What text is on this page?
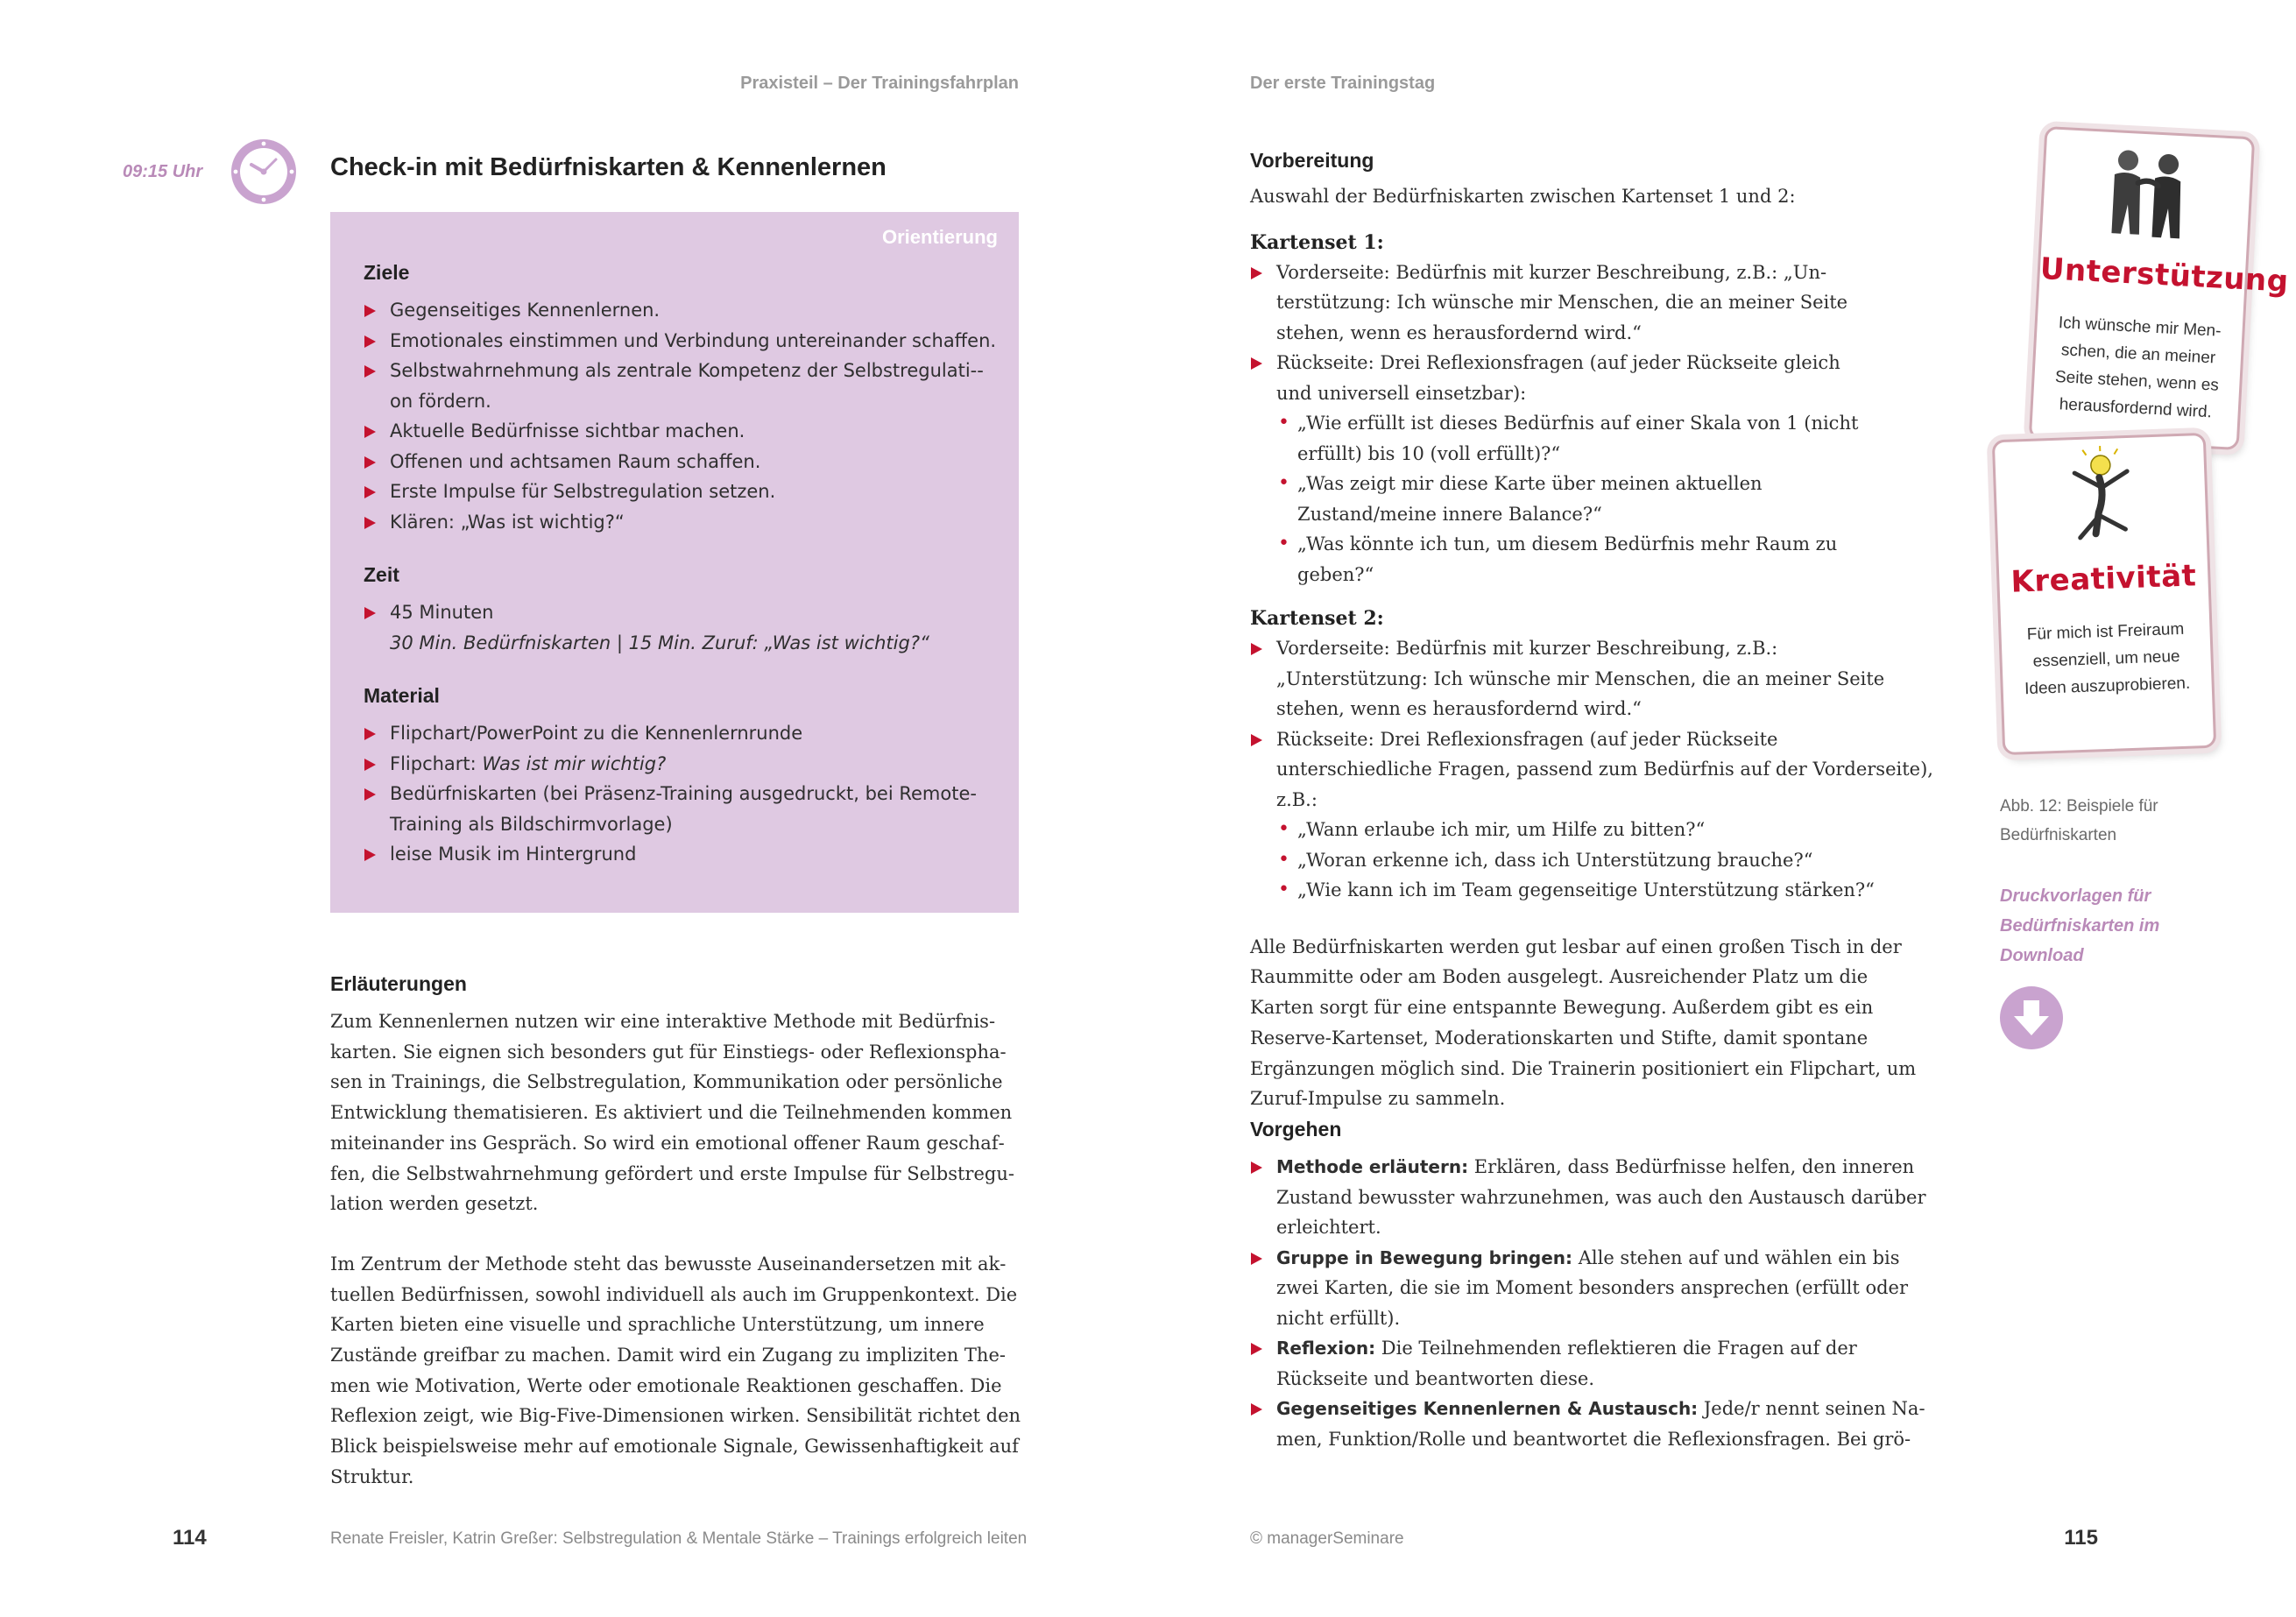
Praxisteil – Der Trainingsfahrplan
09:15 Uhr	Check-in mit Bedürfniskarten & Kennenlernen
Orientierung
Ziele
Gegenseitiges Kennenlernen.
Emotionales einstimmen und Verbindung untereinander schaffen.
Selbstwahrnehmung als zentrale Kompetenz der Selbstregulati-on fördern.
Aktuelle Bedürfnisse sichtbar machen.
Offenen und achtsamen Raum schaffen.
Erste Impulse für Selbstregulation setzen.
Klären: „Was ist wichtig?“
Zeit
45 Minuten
30 Min. Bedürfniskarten | 15 Min. Zuruf: „Was ist wichtig?“
Material
Flipchart/PowerPoint zu die Kennenlernrunde
Flipchart: Was ist mir wichtig?
Bedürfniskarten (bei Präsenz-Training ausgedruckt, bei Remote-Training als Bildschirmvorlage)
leise Musik im Hintergrund
Erläuterungen

Zum Kennenlernen nutzen wir eine interaktive Methode mit Bedürfniskarten. Sie eignen sich besonders gut für Einstiegs- oder Reflexionsphasen in Trainings, die Selbstregulation, Kommunikation oder persönliche Entwicklung thematisieren. Es aktiviert und die Teilnehmenden kommen miteinander ins Gespräch. So wird ein emotional offener Raum geschaffen, die Selbstwahrnehmung gefördert und erste Impulse für Selbstregulation werden gesetzt.

Im Zentrum der Methode steht das bewusste Auseinandersetzen mit aktuellen Bedürfnissen, sowohl individuell als auch im Gruppenkontext. Die Karten bieten eine visuelle und sprachliche Unterstützung, um innere Zustände greifbar zu machen. Damit wird ein Zugang zu impliziten Themen wie Motivation, Werte oder emotionale Reaktionen geschaffen. Die Reflexion zeigt, wie Big-Five-Dimensionen wirken. Sensibilität richtet den Blick beispielsweise mehr auf emotionale Signale, Gewissenhaftigkeit auf Struktur.

114	Renate Freisler, Katrin Greßer: Selbstregulation & Mentale Stärke – Trainings erfolgreich leiten
Der erste Trainingstag
Vorbereitung
Auswahl der Bedürfniskarten zwischen Kartenset 1 und 2:
Kartenset 1:
Vorderseite: Bedürfnis mit kurzer Beschreibung, z.B.: „Unterstützung: Ich wünsche mir Menschen, die an meiner Seite stehen, wenn es herausfordernd wird.“
Rückseite: Drei Reflexionsfragen (auf jeder Rückseite gleich und universell einsetzbar):
• „Wie erfüllt ist dieses Bedürfnis auf einer Skala von 1 (nicht erfüllt) bis 10 (voll erfüllt)?“
• „Was zeigt mir diese Karte über meinen aktuellen Zustand/meine innere Balance?“
• „Was könnte ich tun, um diesem Bedürfnis mehr Raum zu geben?“
Kartenset 2:
Vorderseite: Bedürfnis mit kurzer Beschreibung, z.B.: „Unterstützung: Ich wünsche mir Menschen, die an meiner Seite stehen, wenn es herausfordernd wird.“
Rückseite: Drei Reflexionsfragen (auf jeder Rückseite unterschiedliche Fragen, passend zum Bedürfnis auf der Vorderseite), z.B.:
• „Wann erlaube ich mir, um Hilfe zu bitten?“
• „Woran erkenne ich, dass ich Unterstützung brauche?“
• „Wie kann ich im Team gegenseitige Unterstützung stärken?“
Alle Bedürfniskarten werden gut lesbar auf einen großen Tisch in der Raummitte oder am Boden ausgelegt. Ausreichender Platz um die Karten sorgt für eine entspannte Bewegung. Außerdem gibt es ein Reserve-Kartenset, Moderationskarten und Stifte, damit spontane Ergänzungen möglich sind. Die Trainerin positioniert ein Flipchart, um Zuruf-Impulse zu sammeln.
Vorgehen
Methode erläutern: Erklären, dass Bedürfnisse helfen, den inneren Zustand bewusster wahrzunehmen, was auch den Austausch darüber erleichtert.
Gruppe in Bewegung bringen: Alle stehen auf und wählen ein bis zwei Karten, die sie im Moment besonders ansprechen (erfüllt oder nicht erfüllt).
Reflexion: Die Teilnehmenden reflektieren die Fragen auf der Rückseite und beantworten diese.
Gegenseitiges Kennenlernen & Austausch: Jede/r nennt seinen Namen, Funktion/Rolle und beantwortet die Reflexionsfragen. Bei grö-
Unterstützung
Ich wünsche mir Men-schen, die an meiner Seite stehen, wenn es herausfordernd wird.
Kreativität
Für mich ist Freiraum essenziell, um neue Ideen auszuprobieren.
Abb. 12: Beispiele für Bedürfniskarten
Druckvorlagen für Bedürfniskarten im Download
115
© managerSeminare
